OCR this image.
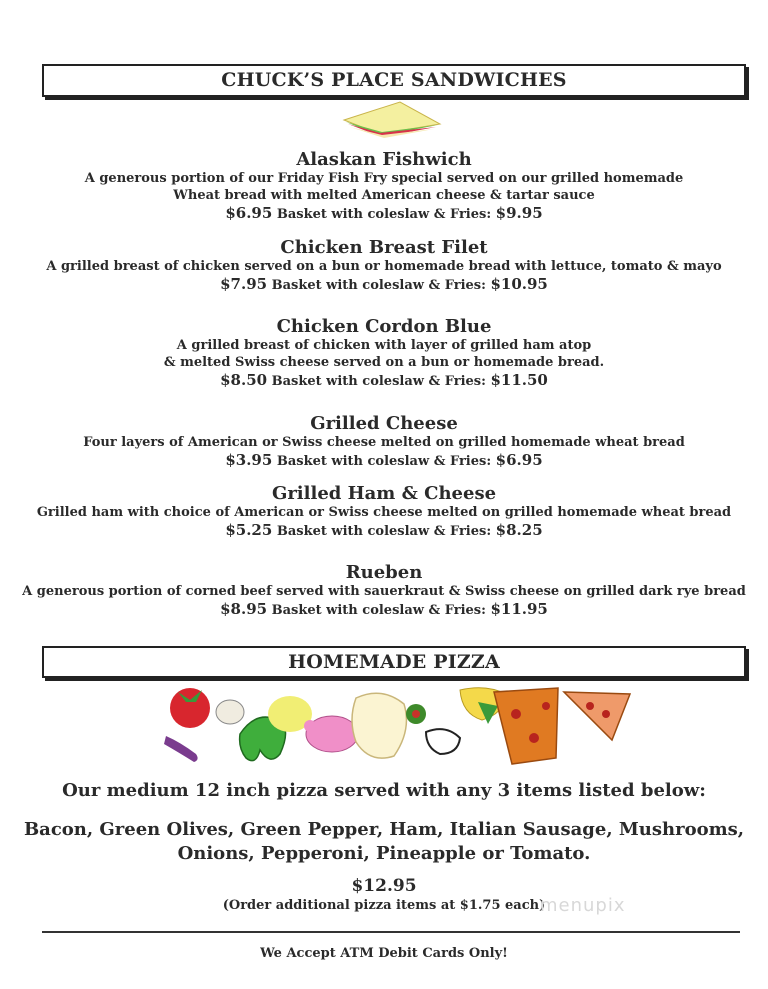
CHUCK’S PLACE SANDWICHES
Alaskan Fishwich
A generous portion of our Friday Fish Fry special served on our grilled homemade
Wheat bread with melted American cheese & tartar sauce
$6.95 Basket with coleslaw & Fries: $9.95
Chicken Breast Filet
A grilled breast of chicken served on a bun or homemade bread with lettuce, tomato & mayo
$7.95 Basket with coleslaw & Fries: $10.95
Chicken Cordon Blue
A grilled breast of chicken with layer of grilled ham atop
& melted Swiss cheese served on a bun or homemade bread.
$8.50 Basket with coleslaw & Fries: $11.50
Grilled Cheese
Four layers of American or Swiss cheese melted on grilled homemade wheat bread
$3.95 Basket with coleslaw & Fries: $6.95
Grilled Ham & Cheese
Grilled ham with choice of American or Swiss cheese melted on grilled homemade wheat bread
$5.25 Basket with coleslaw & Fries: $8.25
Rueben
A generous portion of corned beef served with sauerkraut & Swiss cheese on grilled dark rye bread
$8.95 Basket with coleslaw & Fries: $11.95
HOMEMADE PIZZA
Our medium 12 inch pizza served with any 3 items listed below:
Bacon, Green Olives, Green Pepper, Ham, Italian Sausage, Mushrooms,
Onions, Pepperoni, Pineapple or Tomato.
$12.95
(Order additional pizza items at $1.75 each)
menupix
We Accept ATM Debit Cards Only!
